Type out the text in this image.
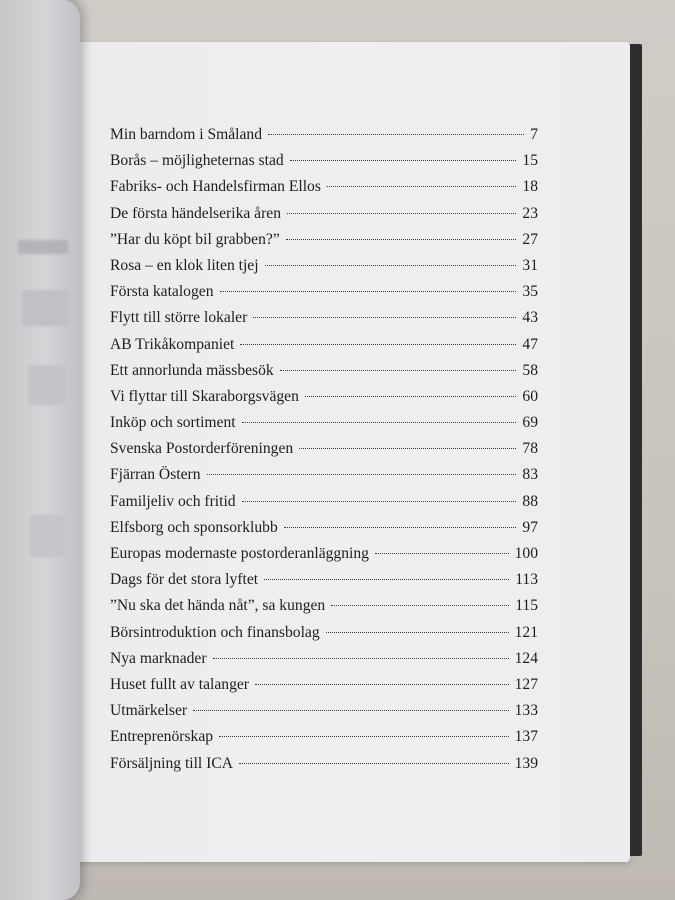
Min barndom i Småland	7
Borås – möjligheternas stad	15
Fabriks- och Handelsfirman Ellos	18
De första händelserika åren	23
”Har du köpt bil grabben?”	27
Rosa – en klok liten tjej	31
Första katalogen	35
Flytt till större lokaler	43
AB Trikåkompaniet	47
Ett annorlunda mässbesök	58
Vi flyttar till Skaraborgsvägen	60
Inköp och sortiment	69
Svenska Postorderföreningen	78
Fjärran Östern	83
Familjeliv och fritid	88
Elfsborg och sponsorklubb	97
Europas modernaste postorderanläggning	100
Dags för det stora lyftet	113
”Nu ska det hända nåt”, sa kungen	115
Börsintroduktion och finansbolag	121
Nya marknader	124
Huset fullt av talanger	127
Utmärkelser	133
Entreprenörskap	137
Försäljning till ICA	139
